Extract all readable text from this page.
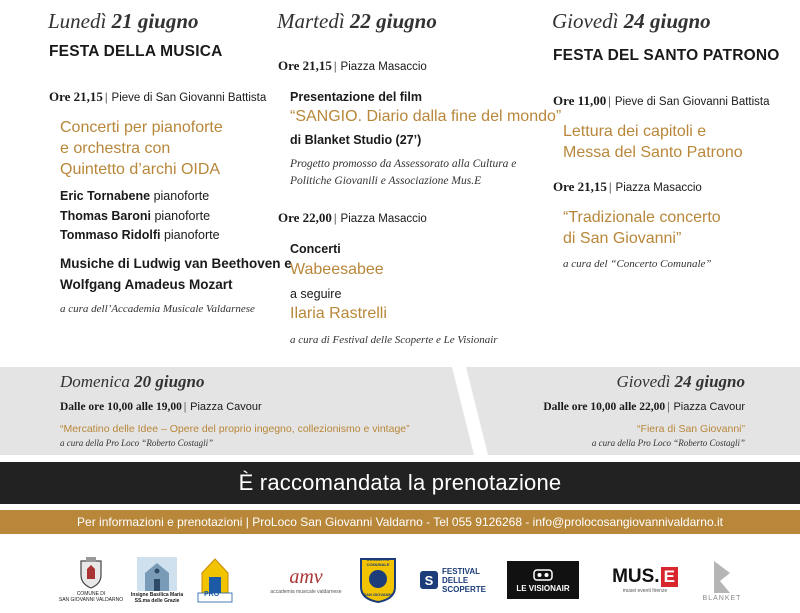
Lunedì 21 giugno
FESTA DELLA MUSICA
Ore 21,15 | Pieve di San Giovanni Battista
Concerti per pianoforte
e orchestra con
Quintetto d’archi OIDA
Eric Tornabene pianoforte
Thomas Baroni pianoforte
Tommaso Ridolfi pianoforte
Musiche di Ludwig van Beethoven e
Wolfgang Amadeus Mozart
a cura dell’Accademia Musicale Valdarnese
Martedì 22 giugno
Ore 21,15 | Piazza Masaccio
Presentazione del film
“SANGIO. Diario dalla fine del mondo”
di Blanket Studio (27’)
Progetto promosso da Assessorato alla Cultura e
Politiche Giovanili e Associazione Mus.E
Ore 22,00 | Piazza Masaccio
Concerti
Wabeesabee
a seguire
Ilaria Rastrelli
a cura di Festival delle Scoperte e Le Visionair
Giovedì 24 giugno
FESTA DEL SANTO PATRONO
Ore 11,00 | Pieve di San Giovanni Battista
Lettura dei capitoli e
Messa del Santo Patrono
Ore 21,15 | Piazza Masaccio
“Tradizionale concerto
di San Giovanni”
a cura del “Concerto Comunale”
Domenica 20 giugno
Dalle ore 10,00 alle 19,00 | Piazza Cavour
“Mercatino delle Idee – Opere del proprio ingegno, collezionismo e vintage”
a cura della Pro Loco “Roberto Costagli”
Giovedì 24 giugno
Dalle ore 10,00 alle 22,00 | Piazza Cavour
“Fiera di San Giovanni”
a cura della Pro Loco “Roberto Costagli”
È raccomandata la prenotazione
Per informazioni e prenotazioni | ProLoco San Giovanni Valdarno - Tel 055 9126268 - info@prolocosangiovannivaldarno.it
COMUNE DI
SAN GIOVANNI VALDARNO
Insigne Basilica Maria
SS.ma delle Grazie
PRO
amv
accademia musicale valdarnese
CONCERTO
COMUNALE
SAN GIOVANNI
S
FESTIVAL
DELLE
SCOPERTE	LE VISIONAIR
MUS. E
musei eventi firenze
BLANKET
